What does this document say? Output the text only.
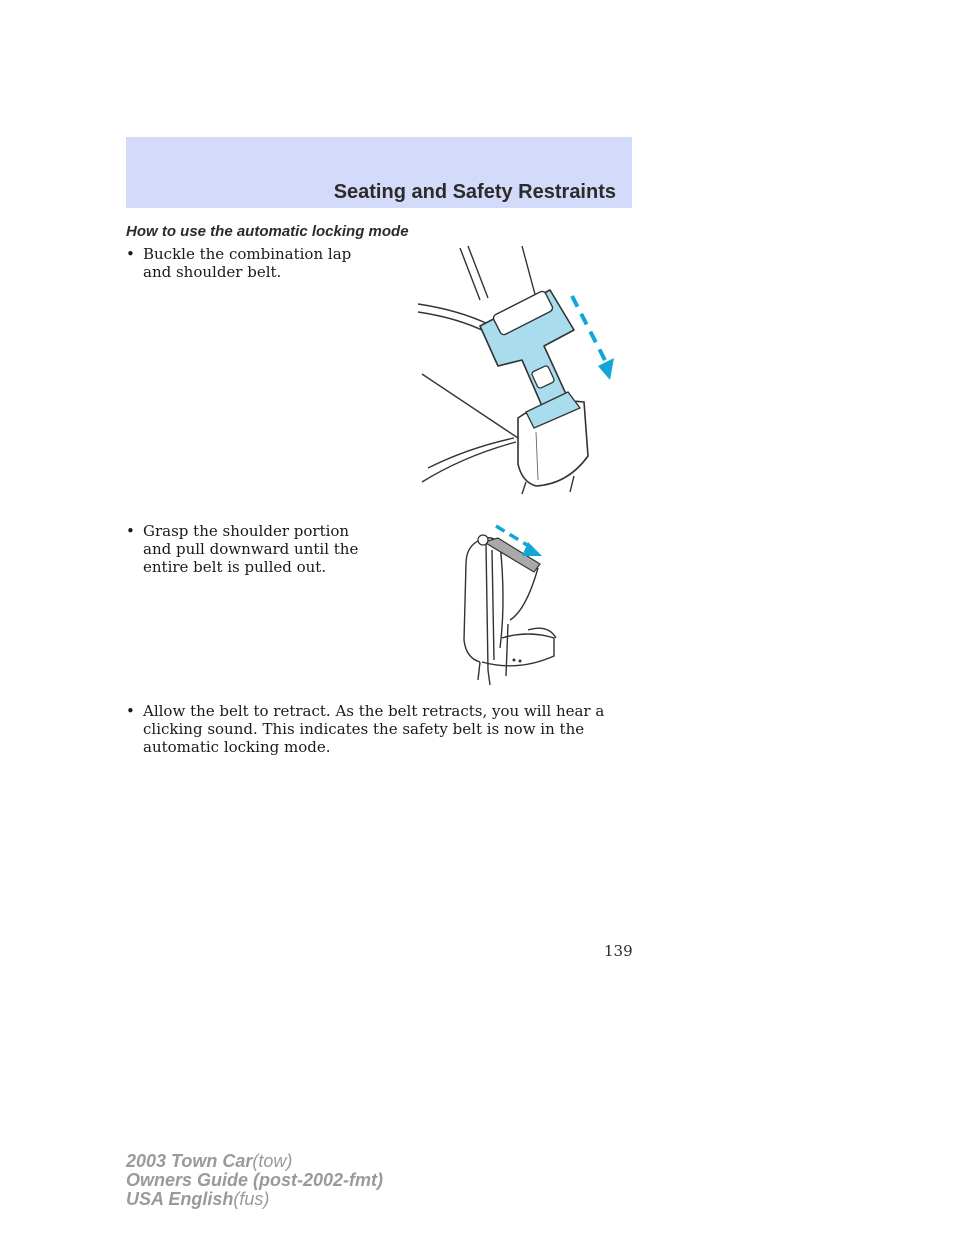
Seating and Safety Restraints
How to use the automatic locking mode
• Buckle the combination lap and shoulder belt.
• Grasp the shoulder portion and pull downward until the entire belt is pulled out.
• Allow the belt to retract. As the belt retracts, you will hear a clicking sound. This indicates the safety belt is now in the automatic locking mode.
139
2003 Town Car(tow)
Owners Guide (post-2002-fmt)
USA English(fus)
